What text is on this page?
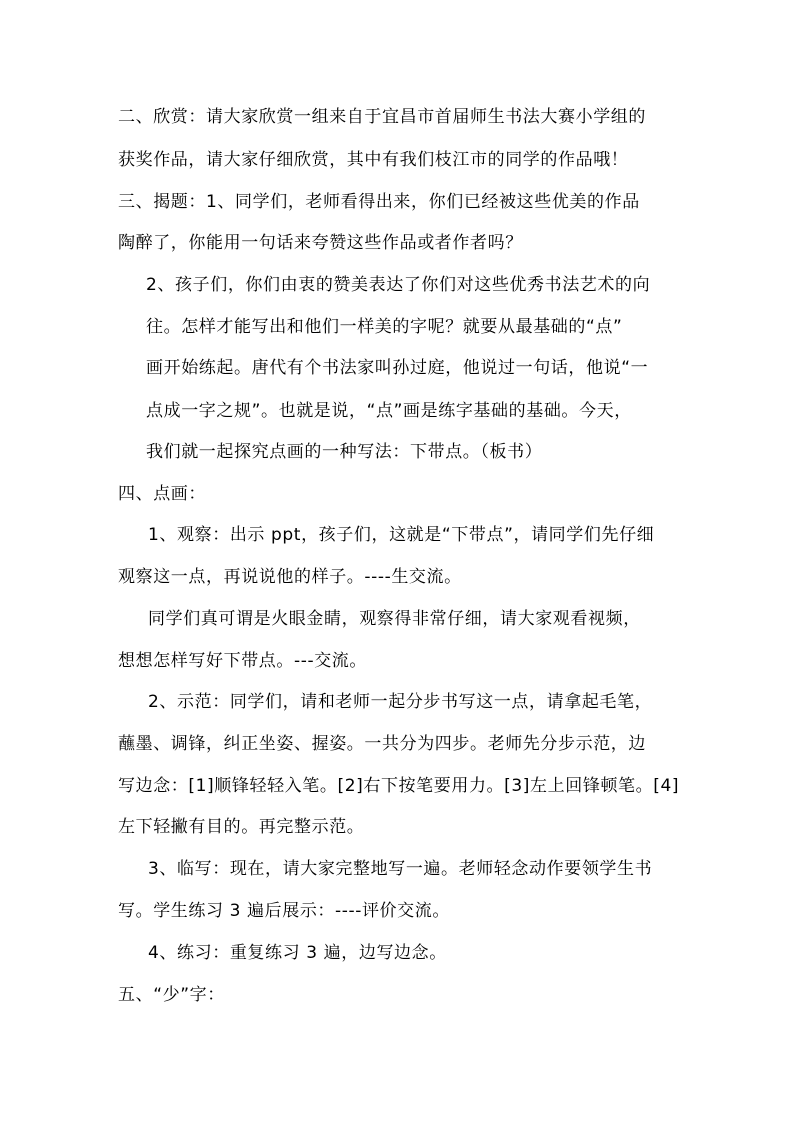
二、欣赏：请大家欣赏一组来自于宜昌市首届师生书法大赛小学组的
获奖作品，请大家仔细欣赏，其中有我们枝江市的同学的作品哦！
三、揭题：1、同学们，老师看得出来，你们已经被这些优美的作品
陶醉了，你能用一句话来夸赞这些作品或者作者吗？
2、孩子们，你们由衷的赞美表达了你们对这些优秀书法艺术的向
往。怎样才能写出和他们一样美的字呢？就要从最基础的“点”
画开始练起。唐代有个书法家叫孙过庭，他说过一句话，他说“一
点成一字之规”。也就是说，“点”画是练字基础的基础。今天，
我们就一起探究点画的一种写法：下带点。（板书）
四、点画：
1、观察：出示 ppt，孩子们，这就是“下带点”，请同学们先仔细
观察这一点，再说说他的样子。----生交流。
同学们真可谓是火眼金睛，观察得非常仔细，请大家观看视频，
想想怎样写好下带点。---交流。
2、示范：同学们，请和老师一起分步书写这一点，请拿起毛笔，
蘸墨、调锋，纠正坐姿、握姿。一共分为四步。老师先分步示范，边
写边念：[1]顺锋轻轻入笔。[2]右下按笔要用力。[3]左上回锋顿笔。[4]
左下轻撇有目的。再完整示范。
3、临写：现在，请大家完整地写一遍。老师轻念动作要领学生书
写。学生练习 3 遍后展示：----评价交流。
4、练习：重复练习 3 遍，边写边念。
五、“少”字：
